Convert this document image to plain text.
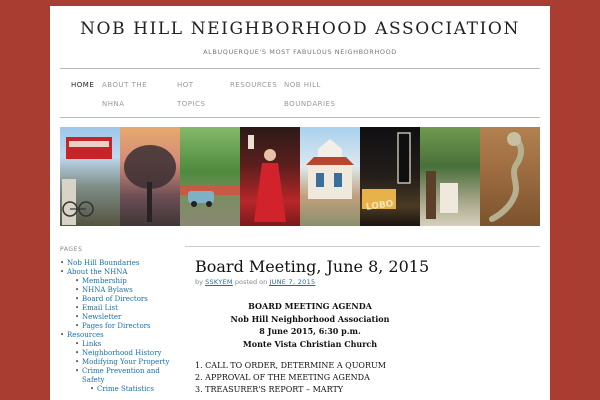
NOB HILL NEIGHBORHOOD ASSOCIATION
ALBUQUERQUE'S MOST FABULOUS NEIGHBORHOOD
HOME	ABOUT THE NHNA
HOT TOPICS
RESOURCES NOB HILL BOUNDARIES
LOBO
PAGES
• Nob Hill Boundaries
• About the NHNA
• Membership
• NHNA Bylaws
• Board of Directors
• Email List
• Newsletter
• Pages for Directors
• Resources
• Links
• Neighborhood History
• Modifying Your Property
• Crime Prevention and Safety
• Crime Statistics
Board Meeting, June 8, 2015
by SSKYEM posted on JUNE 7, 2015
BOARD MEETING AGENDA
Nob Hill Neighborhood Association
8 June 2015, 6:30 p.m.
Monte Vista Christian Church
1. CALL TO ORDER, DETERMINE A QUORUM
2. APPROVAL OF THE MEETING AGENDA
3. TREASURER'S REPORT – MARTY
